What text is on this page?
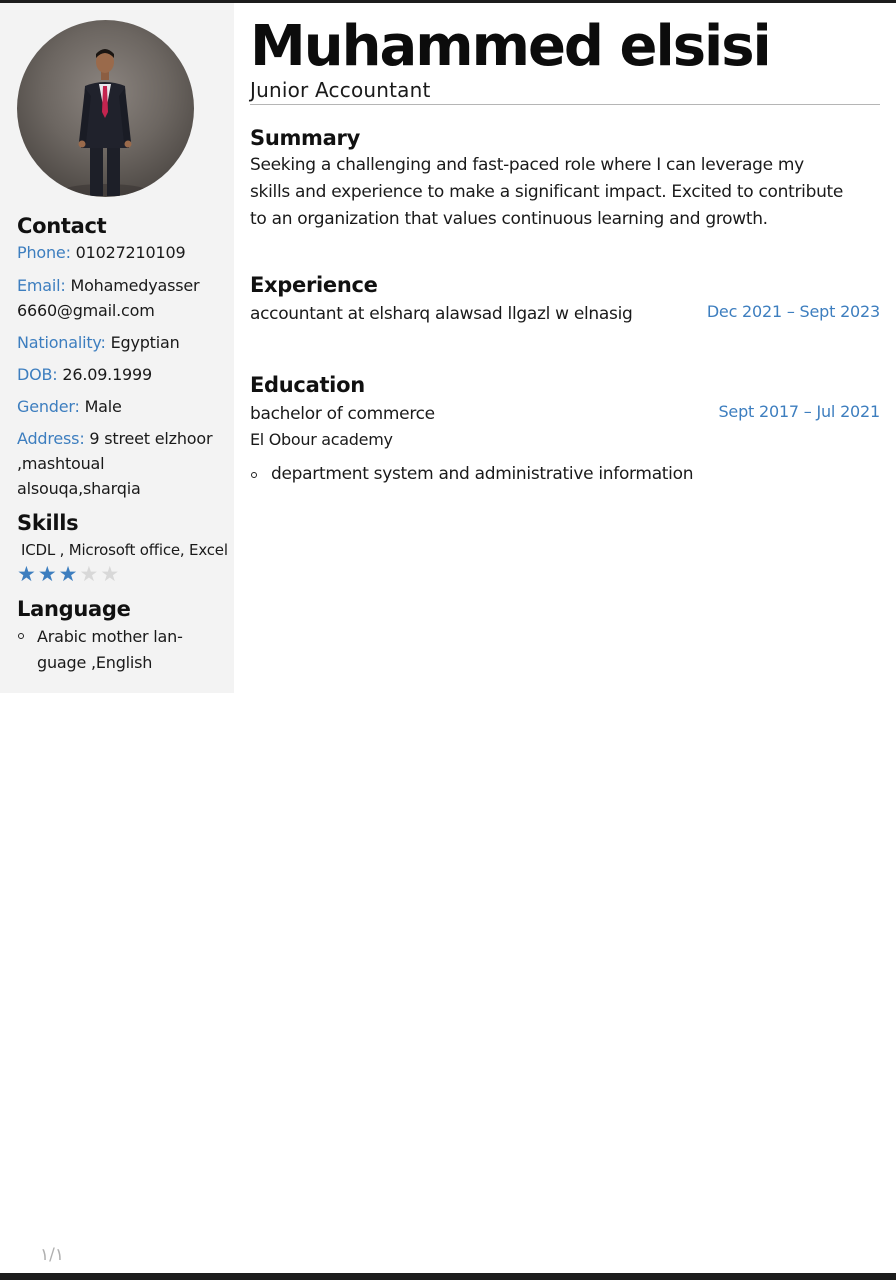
Contact
Phone: 01027210109
Email: Mohamedyasser
6660@gmail.com
Nationality: Egyptian
DOB: 26.09.1999
Gender: Male
Address: 9 street elzhoor
,mashtoual
alsouqa,sharqia
Skills
ICDL , Microsoft office, Excel
★★★★★
Language
Arabic mother lan-
guage ,English
Muhammed elsisi
Junior Accountant
Summary
Seeking a challenging and fast-paced role where I can leverage my
skills and experience to make a significant impact. Excited to contribute
to an organization that values continuous learning and growth.
Experience
accountant at elsharq alawsad llgazl w elnasig	Dec 2021 – Sept 2023
Education
bachelor of commerce	Sept 2017 – Jul 2021
El Obour academy
department system and administrative information
١/١
